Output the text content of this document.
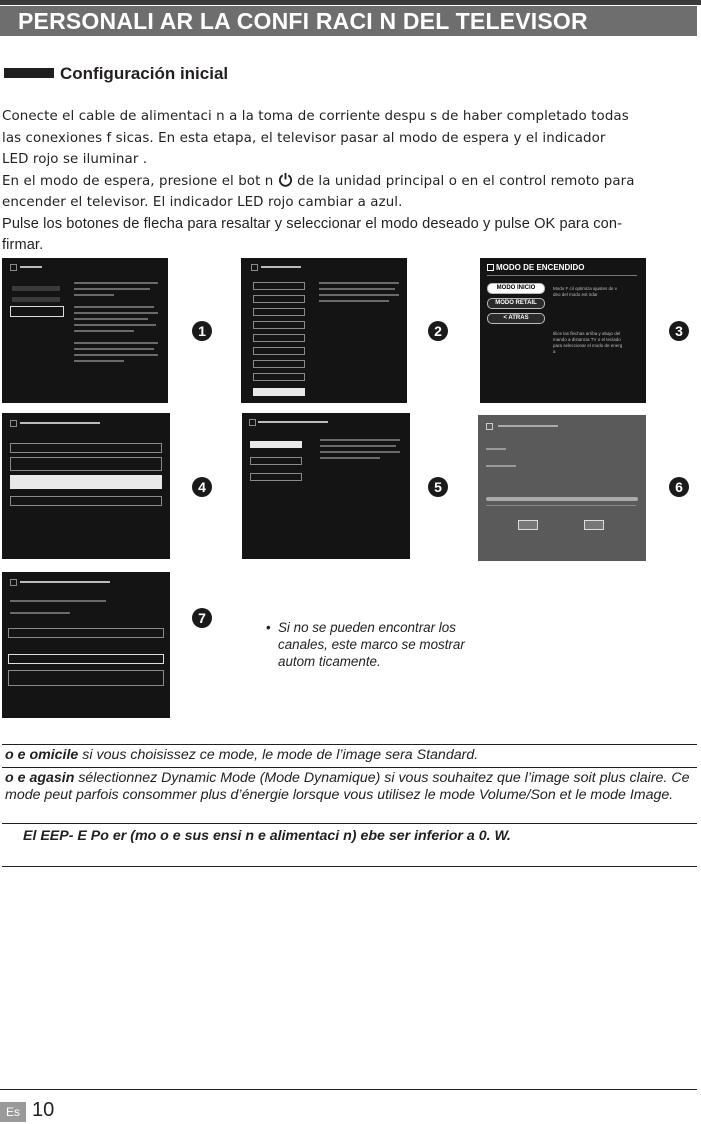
PERSONALI AR LA CONFI RACI N DEL TELEVISOR
Configuración inicial

Conecte el cable de alimentaci n a la toma de corriente despu s de haber completado todas

las conexiones f sicas. En esta etapa, el televisor pasar al modo de espera y el indicador

LED rojo se iluminar .

En el modo de espera, presione el bot n de la unidad principal o en el control remoto para

encender el televisor. El indicador LED rojo cambiar a azul.

Pulse los botones de flecha para resaltar y seleccionar el modo deseado y pulse OK para con-

firmar.

1	2
MODO DE ENCENDIDO
MODO INICIO
MODO RETAIL
< ATRAS
Modo F cil optimiza ajustes de v deo del modo est ndar
tilice las flechas arriba y abajo del mando a distancia TV o el teclado para seleccionar el modo de energ a
3
4	5	6
7
• Si no se pueden encontrar los canales, este marco se mostrar autom ticamente.
o e omicile si vous choisissez ce mode, le mode de l’image sera Standard.
o e agasin sélectionnez Dynamic Mode (Mode Dynamique) si vous souhaitez que l’image soit plus claire. Ce mode peut parfois consommer plus d’énergie lorsque vous utilisez le mode Volume/Son et le mode Image.
El EEP- E Po er (mo o e sus ensi n e alimentaci n) ebe ser inferior a 0. W.
Es 10
